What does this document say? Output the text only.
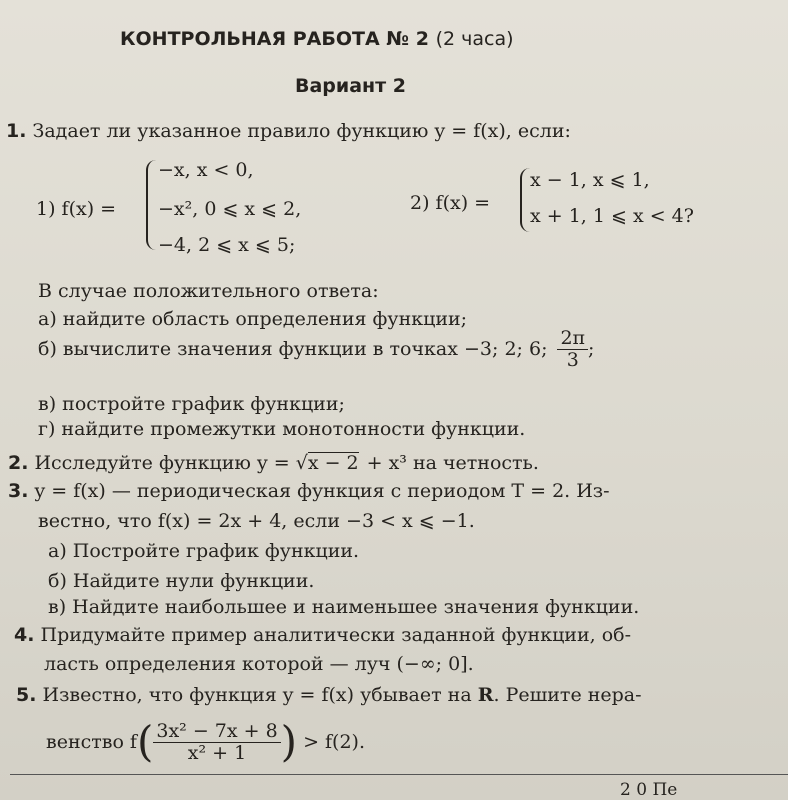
КОНТРОЛЬНАЯ РАБОТА № 2 (2 часа)
Вариант 2
1. Задает ли указанное правило функцию y = f(x), если:
1) f(x) =
−x, x < 0,
−x², 0 ⩽ x ⩽ 2,
−4, 2 ⩽ x ⩽ 5;
2) f(x) =
x − 1, x ⩽ 1,
x + 1, 1 ⩽ x < 4?
В случае положительного ответа:
а) найдите область определения функции;
б) вычислите значения функции в точках −3; 2; 6; $\frac{2\pi}{3}$ ;
в) постройте график функции;
г) найдите промежутки монотонности функции.
2. Исследуйте функцию y = √ x − 2 + x³ на четность.
3. y = f(x) — периодическая функция с периодом T = 2. Из-
вестно, что f(x) = 2x + 4, если −3 < x ⩽ −1.
а) Постройте график функции.
б) Найдите нули функции.
в) Найдите наибольшее и наименьшее значения функции.
4. Придумайте пример аналитически заданной функции, об-
ласть определения которой — луч (−∞; 0].
5. Известно, что функция y = f(x) убывает на R. Решите нера-
венство f ( $\frac{\text{3x² − 7x + 8}}{\text{x² + 1}}$ ) > f(2).
2 0 Пе
